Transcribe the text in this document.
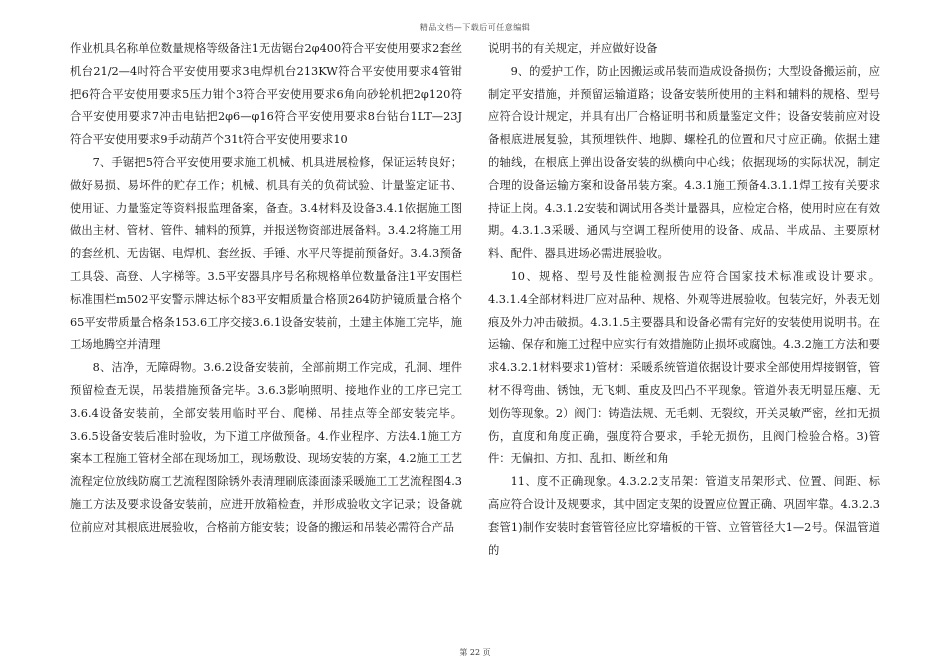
精品文档—下载后可任意编辑

作业机具名称单位数量规格等级备注1无齿锯台2φ400符合平安使用要求2套丝机台21/2—4吋符合平安使用要求3电焊机台213KW符合平安使用要求4管钳把6符合平安使用要求5压力钳个3符合平安使用要求6角向砂轮机把2φ120符合平安使用要求7冲击电钻把2φ6—φ16符合平安使用要求8台钻台1LT—23J符合平安使用要求9手动葫芦个31t符合平安使用要求10

7、手锯把5符合平安使用要求施工机械、机具进展检修，保证运转良好；做好易损、易坏件的贮存工作；机械、机具有关的负荷试验、计量鉴定证书、使用证、力量鉴定等资料报监理备案，备查。3.4材料及设备3.4.1依据施工图做出主材、管材、管件、辅料的预算，并报送物资部进展备料。3.4.2将施工用的套丝机、无齿锯、电焊机、套丝扳、手锤、水平尺等提前预备好。3.4.3预备工具袋、高登、人字梯等。3.5平安器具序号名称规格单位数量备注1平安围栏标准围栏m502平安警示牌达标个83平安帽质量合格顶264防护镜质量合格个65平安带质量合格条153.6工序交接3.6.1设备安装前，土建主体施工完毕，施工场地腾空并清理

8、洁净，无障碍物。3.6.2设备安装前，全部前期工作完成，孔洞、埋件预留检查无误，吊装措施预备完毕。3.6.3影响照明、接地作业的工序已完工3.6.4设备安装前，全部安装用临时平台、爬梯、吊挂点等全部安装完毕。3.6.5设备安装后准时验收，为下道工序做预备。4.作业程序、方法4.1施工方案本工程施工管材全部在现场加工，现场敷设、现场安装的方案，4.2施工工艺流程定位放线防腐工艺流程图除锈外表清理刷底漆面漆采暖施工工艺流程图4.3施工方法及要求设备安装前，应进开放箱检查，并形成验收文字记录；设备就位前应对其根底进展验收，合格前方能安装；设备的搬运和吊装必需符合产品

说明书的有关规定，并应做好设备

9、的爱护工作，防止因搬运或吊装而造成设备损伤；大型设备搬运前，应制定平安措施，并预留运输道路；设备安装所使用的主料和辅料的规格、型号应符合设计规定，并具有出厂合格证明书和质量鉴定文件；设备安装前应对设备根底进展复验，其预埋铁件、地脚、螺栓孔的位置和尺寸应正确。依据土建的轴线，在根底上弹出设备安装的纵横向中心线；依据现场的实际状况，制定合理的设备运输方案和设备吊装方案。4.3.1施工预备4.3.1.1焊工按有关要求持证上岗。4.3.1.2安装和调试用各类计量器具，应检定合格，使用时应在有效期。4.3.1.3采暖、通风与空调工程所使用的设备、成品、半成品、主要原材料、配件、器具进场必需进展验收。

10、规格、型号及性能检测报告应符合国家技术标准或设计要求。4.3.1.4全部材料进厂应对品种、规格、外观等进展验收。包装完好，外表无划痕及外力冲击破损。4.3.1.5主要器具和设备必需有完好的安装使用说明书。在运输、保存和施工过程中应实行有效措施防止损坏或腐蚀。4.3.2施工方法和要求4.3.2.1材料要求1)管材：采暖系统管道依据设计要求全部使用焊接钢管，管材不得弯曲、锈蚀，无飞刺、重皮及凹凸不平现象。管道外表无明显压瘪、无划伤等现象。2）阀门：铸造法规、无毛刺、无裂纹，开关灵敏严密，丝扣无损伤，直度和角度正确，强度符合要求，手轮无损伤，且阀门检验合格。3)管件：无偏扣、方扣、乱扣、断丝和角

11、度不正确现象。4.3.2.2支吊架：管道支吊架形式、位置、间距、标高应符合设计及规要求，其中固定支架的设置应位置正确、巩固牢靠。4.3.2.3套管1)制作安装时套管管径应比穿墙板的干管、立管管径大1—2号。保温管道的

第 22 页
